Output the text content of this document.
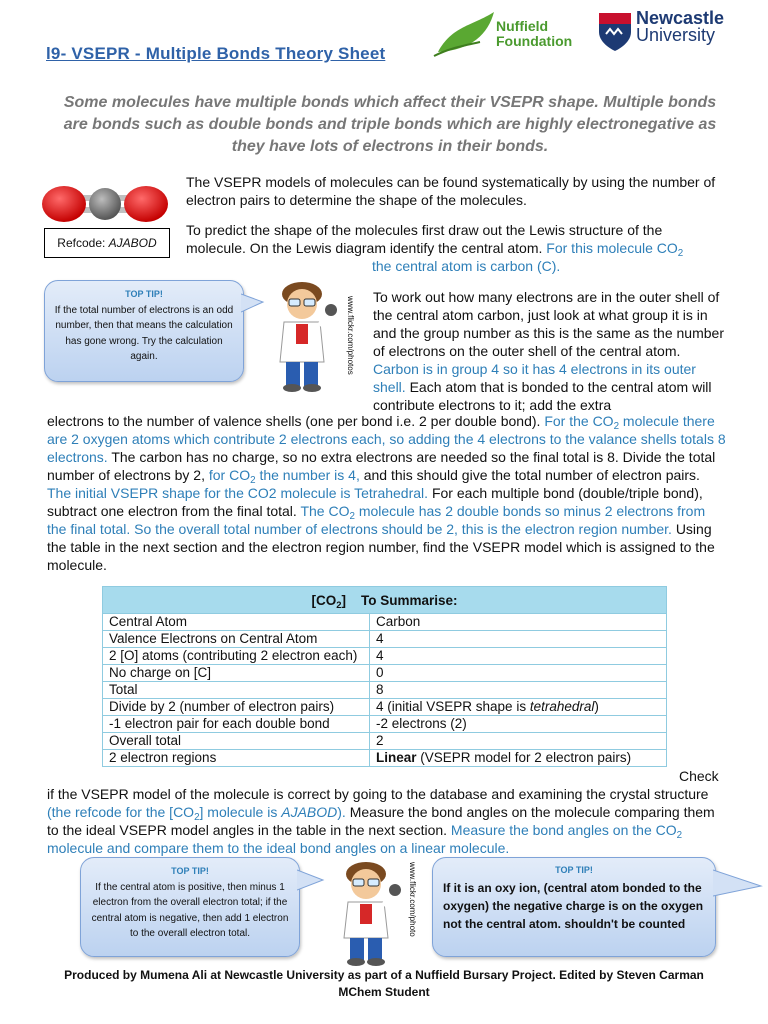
l9- VSEPR - Multiple Bonds Theory Sheet
Nuffield Foundation
Newcastle
University
Some molecules have multiple bonds which affect their VSEPR shape. Multiple bonds are bonds such as double bonds and triple bonds which are highly electronegative as they have lots of electrons in their bonds.
Refcode: AJABOD
The VSEPR models of molecules can be found systematically by using the number of electron pairs to determine the shape of the molecules.
To predict the shape of the molecules first draw out the Lewis structure of the molecule. On the Lewis diagram identify the central atom. For this molecule $CO_2$ the central atom is carbon (C).
TOP TIP!
If the total number of electrons is an odd number, then that means the calculation has gone wrong. Try the calculation again.	www.flickr.com/photos To work out how many electrons are in the outer shell of the central atom carbon, just look at what group it is in and the group number as this is the same as the number of electrons on the outer shell of the central atom. Carbon is in group 4 so it has 4 electrons in its outer shell. Each atom that is bonded to the central atom will contribute electrons to it; add the extra
electrons to the number of valence shells (one per bond i.e. 2 per double bond). For the $CO_2$ molecule there are 2 oxygen atoms which contribute 2 electrons each, so adding the 4 electrons to the valance shells totals 8 electrons. The carbon has no charge, so no extra electrons are needed so the final total is 8. Divide the total number of electrons by 2, for $CO_2$ the number is 4, and this should give the total number of electron pairs. The initial VSEPR shape for the CO2 molecule is Tetrahedral. For each multiple bond (double/triple bond), subtract one electron from the final total. The $CO_2$ molecule has 2 double bonds so minus 2 electrons from the final total. So the overall total number of electrons should be 2, this is the electron region number. Using the table in the next section and the electron region number, find the VSEPR model which is assigned to the molecule.
$[CO_2]$ To Summarise:	
Central Atom	Carbon
Valence Electrons on Central Atom	4
2 [O] atoms (contributing 2 electron each)	4
No charge on [C]	0
Total	8
Divide by 2 (number of electron pairs)	4 (initial VSEPR shape is tetrahedral)
-1 electron pair for each double bond	-2 electrons (2)
Overall total	2
2 electron regions	Linear (VSEPR model for 2 electron pairs)
Check
if the VSEPR model of the molecule is correct by going to the database and examining the crystal structure (the refcode for the $[CO_2]$ molecule is AJABOD). Measure the bond angles on the molecule comparing them to the ideal VSEPR model angles in the table in the next section. Measure the bond angles on the $CO_2$ molecule and compare them to the ideal bond angles on a linear molecule.
TOP TIP!
If the central atom is positive, then minus 1 electron from the overall electron total; if the central atom is negative, then add 1 electron to the overall electron total.	www.flickr.com/photo	TOP TIP!
If it is an oxy ion, (central atom bonded to the oxygen) the negative charge is on the oxygen not the central atom. shouldn't be counted
Produced by Mumena Ali at Newcastle University as part of a Nuffield Bursary Project. Edited by Steven Carman
MChem Student
